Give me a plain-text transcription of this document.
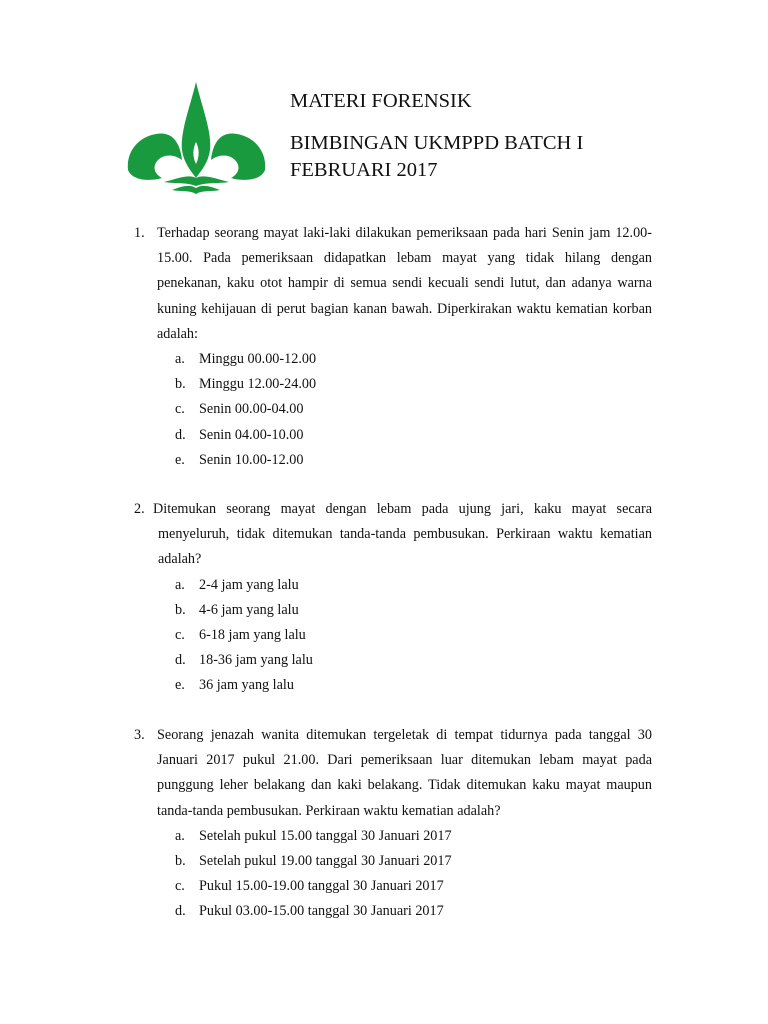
MATERI FORENSIK
BIMBINGAN UKMPPD BATCH I
FEBRUARI 2017
1. Terhadap seorang mayat laki-laki dilakukan pemeriksaan pada hari Senin jam 12.00-15.00. Pada pemeriksaan didapatkan lebam mayat yang tidak hilang dengan penekanan, kaku otot hampir di semua sendi kecuali sendi lutut, dan adanya warna kuning kehijauan di perut bagian kanan bawah. Diperkirakan waktu kematian korban adalah:
a. Minggu 00.00-12.00
b. Minggu 12.00-24.00
c. Senin 00.00-04.00
d. Senin 04.00-10.00
e. Senin 10.00-12.00
2. Ditemukan seorang mayat dengan lebam pada ujung jari, kaku mayat secara menyeluruh, tidak ditemukan tanda-tanda pembusukan. Perkiraan waktu kematian adalah?
a. 2-4 jam yang lalu
b. 4-6 jam yang lalu
c. 6-18 jam yang lalu
d. 18-36 jam yang lalu
e. 36 jam yang lalu
3. Seorang jenazah wanita ditemukan tergeletak di tempat tidurnya pada tanggal 30 Januari 2017 pukul 21.00. Dari pemeriksaan luar ditemukan lebam mayat pada punggung leher belakang dan kaki belakang. Tidak ditemukan kaku mayat maupun tanda-tanda pembusukan. Perkiraan waktu kematian adalah?
a. Setelah pukul 15.00 tanggal 30 Januari 2017
b. Setelah pukul 19.00 tanggal 30 Januari 2017
c. Pukul 15.00-19.00 tanggal 30 Januari 2017
d. Pukul 03.00-15.00 tanggal 30 Januari 2017
